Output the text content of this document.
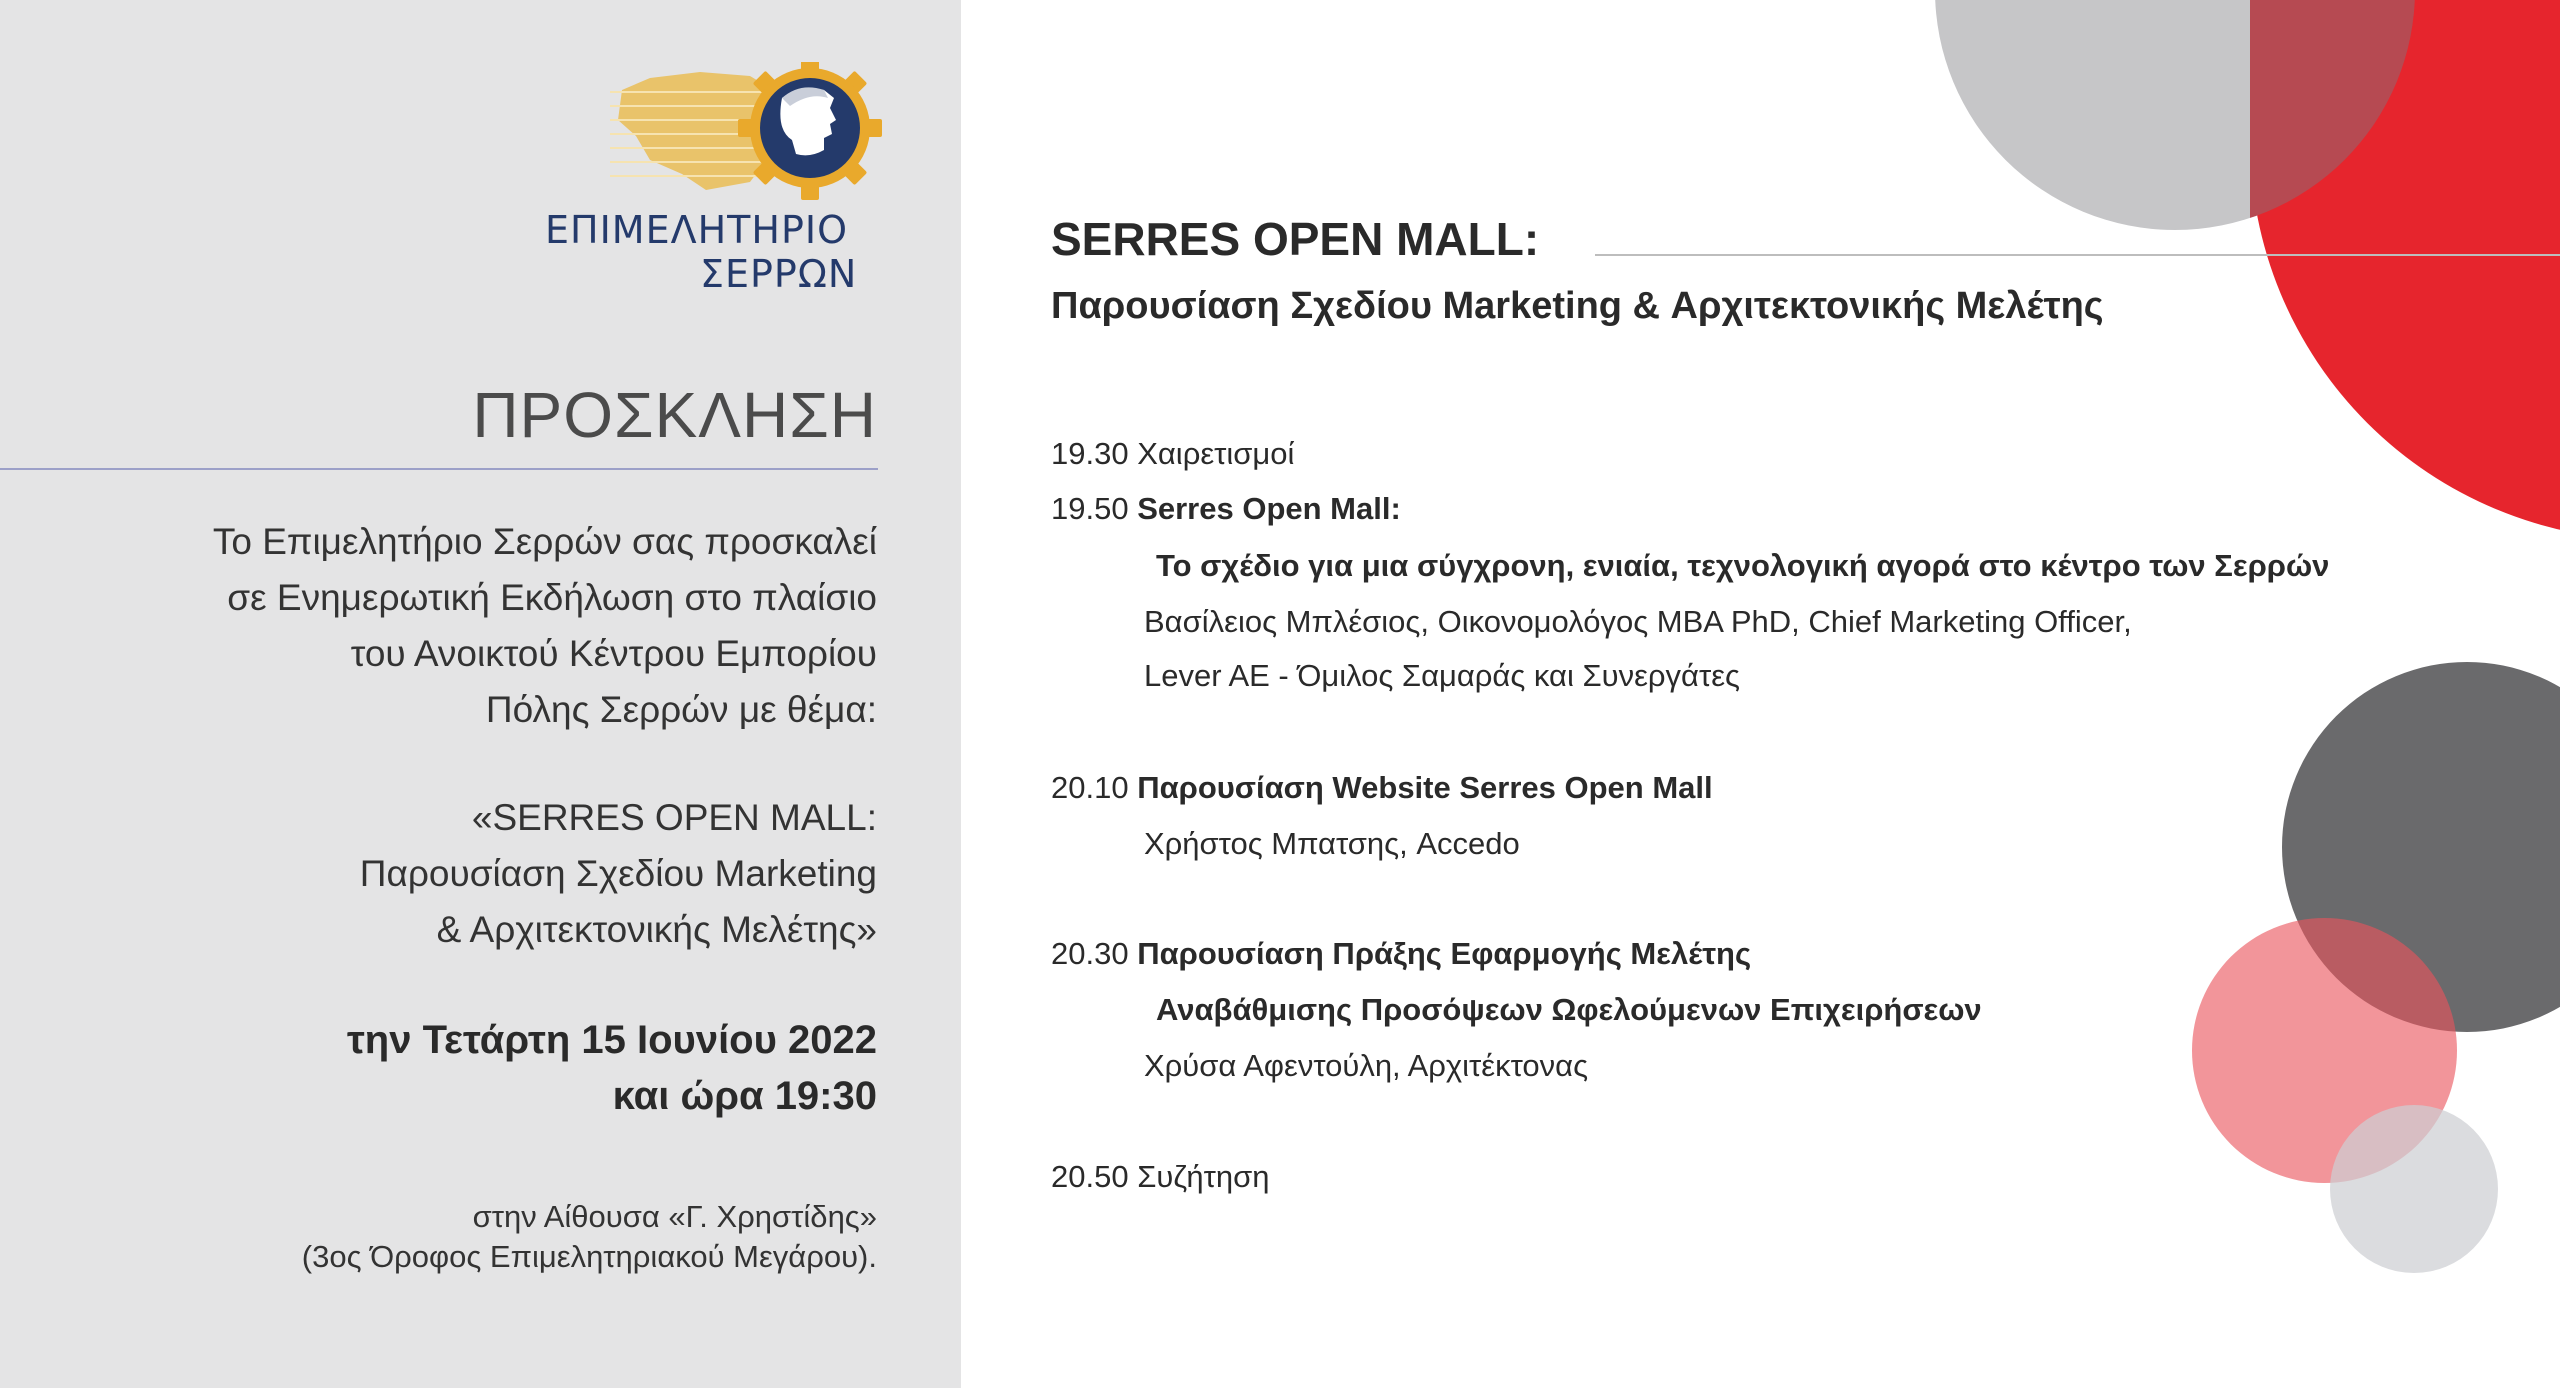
ΕΠΙΜΕΛΗΤΗΡΙΟ
ΣΕΡΡΩΝ
ΠΡΟΣΚΛΗΣΗ
Το Επιμελητήριο Σερρών σας προσκαλεί
σε Ενημερωτική Εκδήλωση στο πλαίσιο
του Ανοικτού Κέντρου Εμπορίου
Πόλης Σερρών με θέμα:
«SERRES OPEN MALL:
Παρουσίαση Σχεδίου Marketing
& Αρχιτεκτονικής Μελέτης»
την Τετάρτη 15 Ιουνίου 2022
και ώρα 19:30
στην Αίθουσα «Γ. Χρηστίδης»
(3ος Όροφος Επιμελητηριακού Μεγάρου).
SERRES OPEN MALL:
Παρουσίαση Σχεδίου Marketing & Αρχιτεκτονικής Μελέτης
19.30 Χαιρετισμοί
19.50 Serres Open Mall:
Το σχέδιο για μια σύγχρονη, ενιαία, τεχνολογική αγορά στο κέντρο των Σερρών
Βασίλειος Μπλέσιος, Οικονομολόγος MBA PhD, Chief Marketing Officer,
Lever AE - Όμιλος Σαμαράς και Συνεργάτες
20.10 Παρουσίαση Website Serres Open Mall
Χρήστος Μπατσης, Accedo
20.30 Παρουσίαση Πράξης Εφαρμογής Μελέτης
Αναβάθμισης Προσόψεων Ωφελούμενων Επιχειρήσεων
Χρύσα Αφεντούλη, Αρχιτέκτονας
20.50 Συζήτηση
